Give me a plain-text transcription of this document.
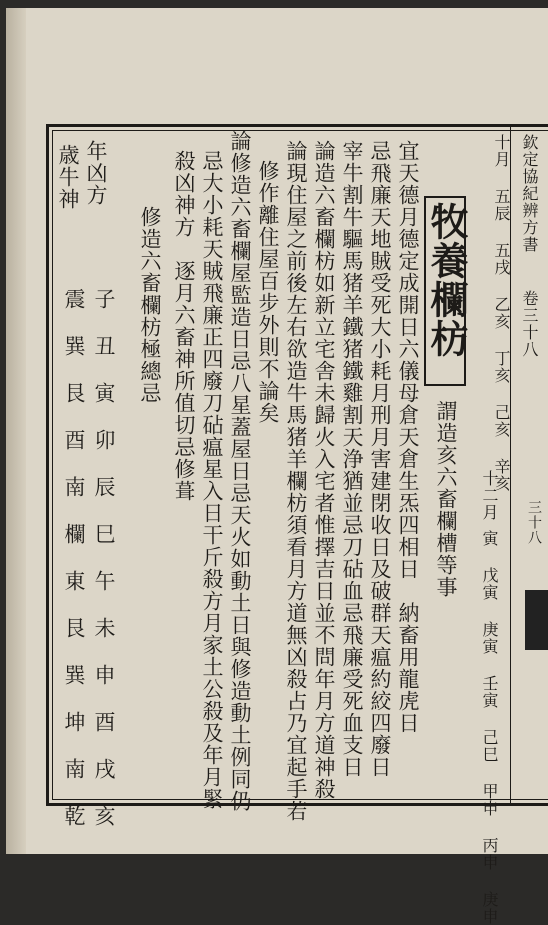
欽定協紀辨方書
卷三十八
三十八
十月 五辰 五戌 乙亥 丁亥 己亥 辛亥
十二月
寅 戊寅 庚寅 壬寅 己巳 甲申 丙申 庚申
牧養欄枋
謂造亥六畜欄槽等事
宜天德月德定成開日六儀母倉天倉生炁四相日　納畜用龍虎日
忌飛廉天地賊受死大小耗月刑月害建閉收日及破群天瘟約絞四廢日
宰牛割牛驅馬猪羊鐵猪鐵雞割天浄猶並忌刀砧血忌飛廉受死血支日
論造六畜欄枋如新立宅舎未歸火入宅者惟擇吉日並不問年月方道神殺
論現住屋之前後左右欲造牛馬猪羊欄枋須看月方道無凶殺占乃宜起手若
修作離住屋百步外則不論矣
論修造六畜欄屋監造日忌八星蓋屋日忌天火如動土日與修造動土例同仍
忌大小耗天賊飛廉正四廢刀砧瘟星入日干斤殺方月家土公殺及年月緊
殺凶神方　逐月六畜神所值切忌修葺
修造六畜欄枋極總忌
年凶方
歳牛神
子 丑 寅 卯 辰 巳 午 未 申 酉 戌 亥
震 巽 艮 酉 南 欄 東 艮 巽 坤 南 乾
